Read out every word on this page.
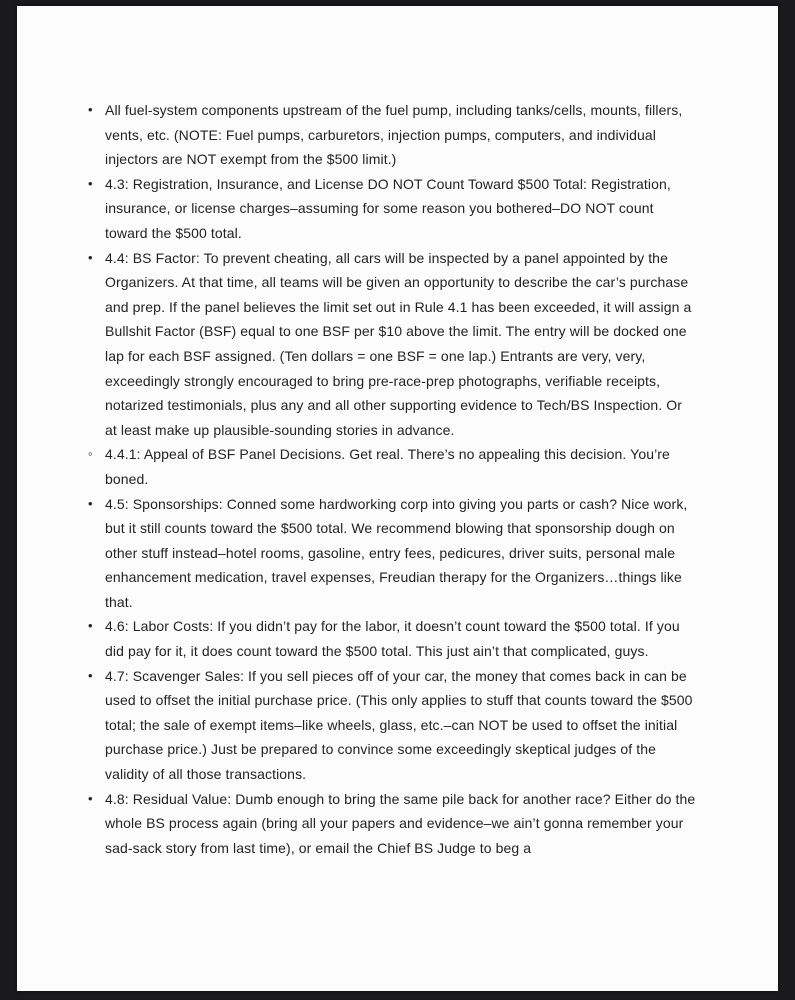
• All fuel-system components upstream of the fuel pump, including tanks/cells, mounts, fillers, vents, etc. (NOTE: Fuel pumps, carburetors, injection pumps, computers, and individual injectors are NOT exempt from the $500 limit.)
• 4.3: Registration, Insurance, and License DO NOT Count Toward $500 Total: Registration, insurance, or license charges–assuming for some reason you bothered–DO NOT count toward the $500 total.
• 4.4: BS Factor: To prevent cheating, all cars will be inspected by a panel appointed by the Organizers. At that time, all teams will be given an opportunity to describe the car’s purchase and prep. If the panel believes the limit set out in Rule 4.1 has been exceeded, it will assign a Bullshit Factor (BSF) equal to one BSF per $10 above the limit. The entry will be docked one lap for each BSF assigned. (Ten dollars = one BSF = one lap.) Entrants are very, very, exceedingly strongly encouraged to bring pre-race-prep photographs, verifiable receipts, notarized testimonials, plus any and all other supporting evidence to Tech/BS Inspection. Or at least make up plausible-sounding stories in advance.
◦ 4.4.1: Appeal of BSF Panel Decisions. Get real. There’s no appealing this decision. You’re boned.
• 4.5: Sponsorships: Conned some hardworking corp into giving you parts or cash? Nice work, but it still counts toward the $500 total. We recommend blowing that sponsorship dough on other stuff instead–hotel rooms, gasoline, entry fees, pedicures, driver suits, personal male enhancement medication, travel expenses, Freudian therapy for the Organizers…things like that.
• 4.6: Labor Costs: If you didn’t pay for the labor, it doesn’t count toward the $500 total. If you did pay for it, it does count toward the $500 total. This just ain’t that complicated, guys.
• 4.7: Scavenger Sales: If you sell pieces off of your car, the money that comes back in can be used to offset the initial purchase price. (This only applies to stuff that counts toward the $500 total; the sale of exempt items–like wheels, glass, etc.–can NOT be used to offset the initial purchase price.) Just be prepared to convince some exceedingly skeptical judges of the validity of all those transactions.
• 4.8: Residual Value: Dumb enough to bring the same pile back for another race? Either do the whole BS process again (bring all your papers and evidence–we ain’t gonna remember your sad-sack story from last time), or email the Chief BS Judge to beg a
